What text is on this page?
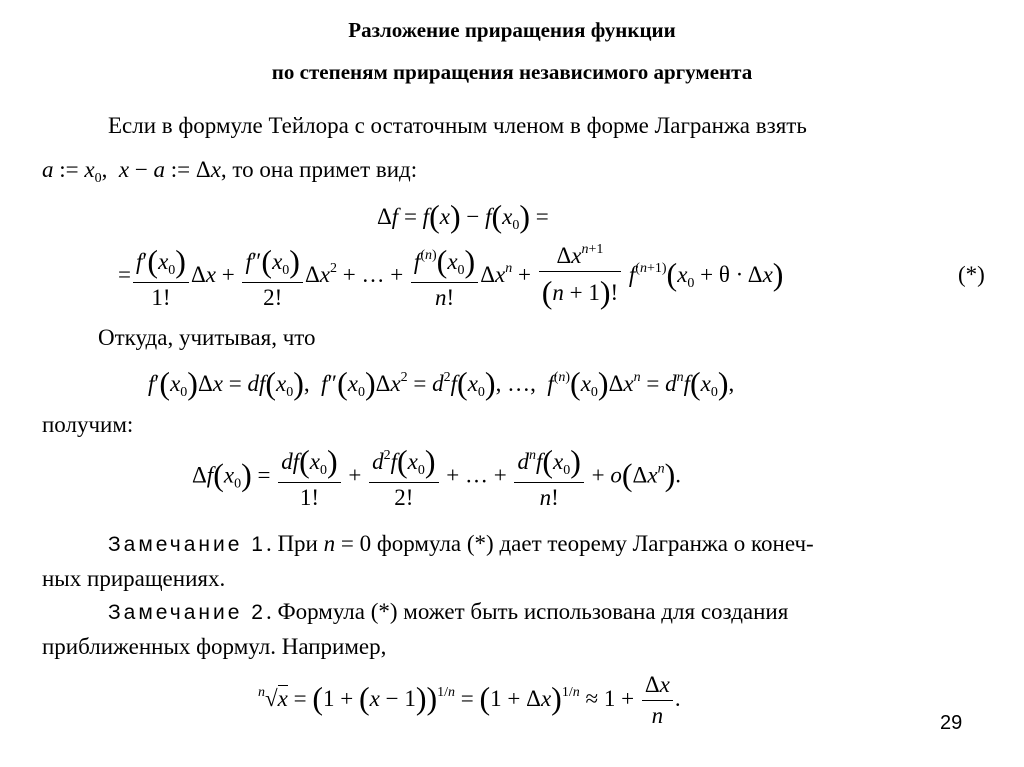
Разложение приращения функции
по степеням приращения независимого аргумента
Если в формуле Тейлора с остаточным членом в форме Лагранжа взять
a := $x_0$,  x − a := Δx, то она примет вид:
$\Delta f = f(x) - f(x_0)$ =
= $\frac{f'(x_0)}{1!}$ $\Delta x + \frac{f''(x_0)}{2!} \Delta x^2$ + … + $\frac{f^{(n)}(x_0)}{n!} \Delta x^n + \frac{\Delta x^{n+1}}{(n + 1)!} f^{(n+1)}(x_0 + \theta \cdot \Delta x)$	(*)
Откуда, учитывая, что
$f'(x_0)\Delta x = df(x_0)$,  $f''(x_0)\Delta x^2 = d^2f(x_0)$, …,  $f^{(n)}(x_0)\Delta x^n = d^nf(x_0)$,
получим:
$\Delta f(x_0) = \frac{df(x_0)}{1!} + \frac{d^2f(x_0)}{2!}$ + … + $\frac{d^nf(x_0)}{n!} + o(\Delta x^n)$.
Замечание 1. При n = 0 формула (*) дает теорему Лагранжа о конеч-
ных приращениях.
Замечание 2. Формула (*) может быть использована для создания
приближенных формул. Например,
$^n√x = (1 + (x - 1))^{1/n} = (1 + \Delta x)^{1/n} \approx 1 + \frac{\Delta x}{n}$ .
29
